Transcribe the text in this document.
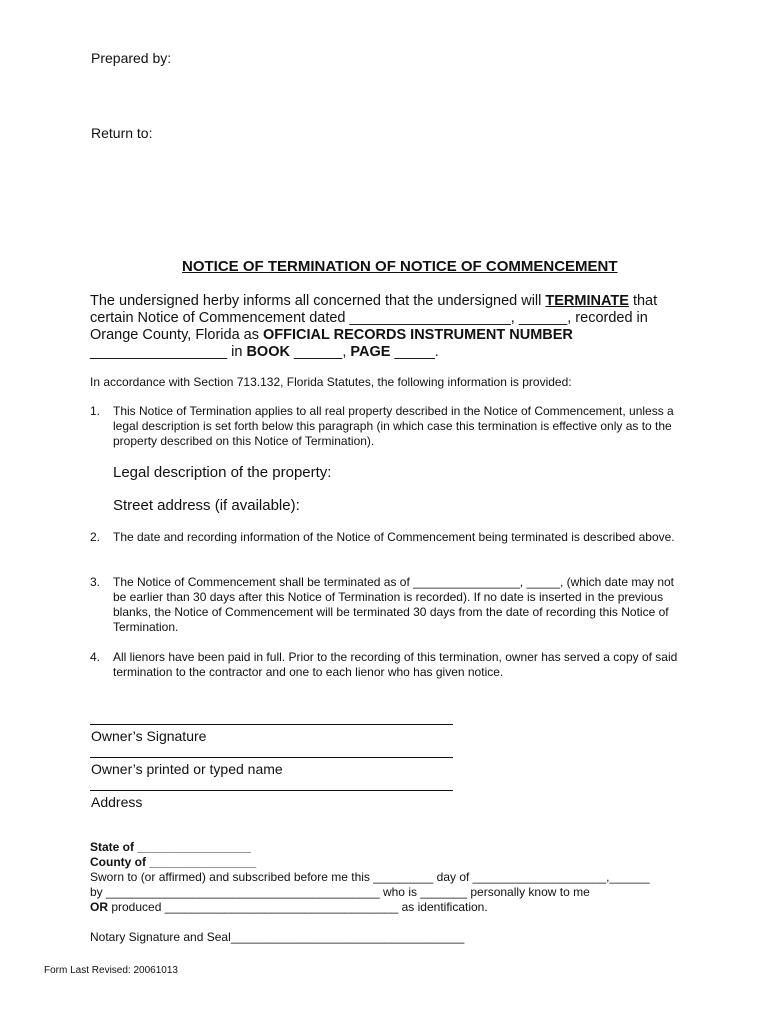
Prepared by:
Return to:
NOTICE OF TERMINATION OF NOTICE OF COMMENCEMENT
The undersigned herby informs all concerned that the undersigned will TERMINATE that certain Notice of Commencement dated ____________________, ______, recorded in Orange County, Florida as OFFICIAL RECORDS INSTRUMENT NUMBER _________________ in BOOK ______, PAGE _____.
In accordance with Section 713.132, Florida Statutes, the following information is provided:
1. This Notice of Termination applies to all real property described in the Notice of Commencement, unless a legal description is set forth below this paragraph (in which case this termination is effective only as to the property described on this Notice of Termination).
Legal description of the property:
Street address (if available):
2. The date and recording information of the Notice of Commencement being terminated is described above.
3. The Notice of Commencement shall be terminated as of ________________, _____, (which date may not be earlier than 30 days after this Notice of Termination is recorded). If no date is inserted in the previous blanks, the Notice of Commencement will be terminated 30 days from the date of recording this Notice of Termination.
4. All lienors have been paid in full. Prior to the recording of this termination, owner has served a copy of said termination to the contractor and one to each lienor who has given notice.
Owner’s Signature
Owner’s printed or typed name
Address
State of _________________
County of ________________
Sworn to (or affirmed) and subscribed before me this _________ day of ____________________,______
by _________________________________________ who is _______ personally know to me
OR produced ___________________________________ as identification.
Notary Signature and Seal___________________________________
Form Last Revised: 20061013
